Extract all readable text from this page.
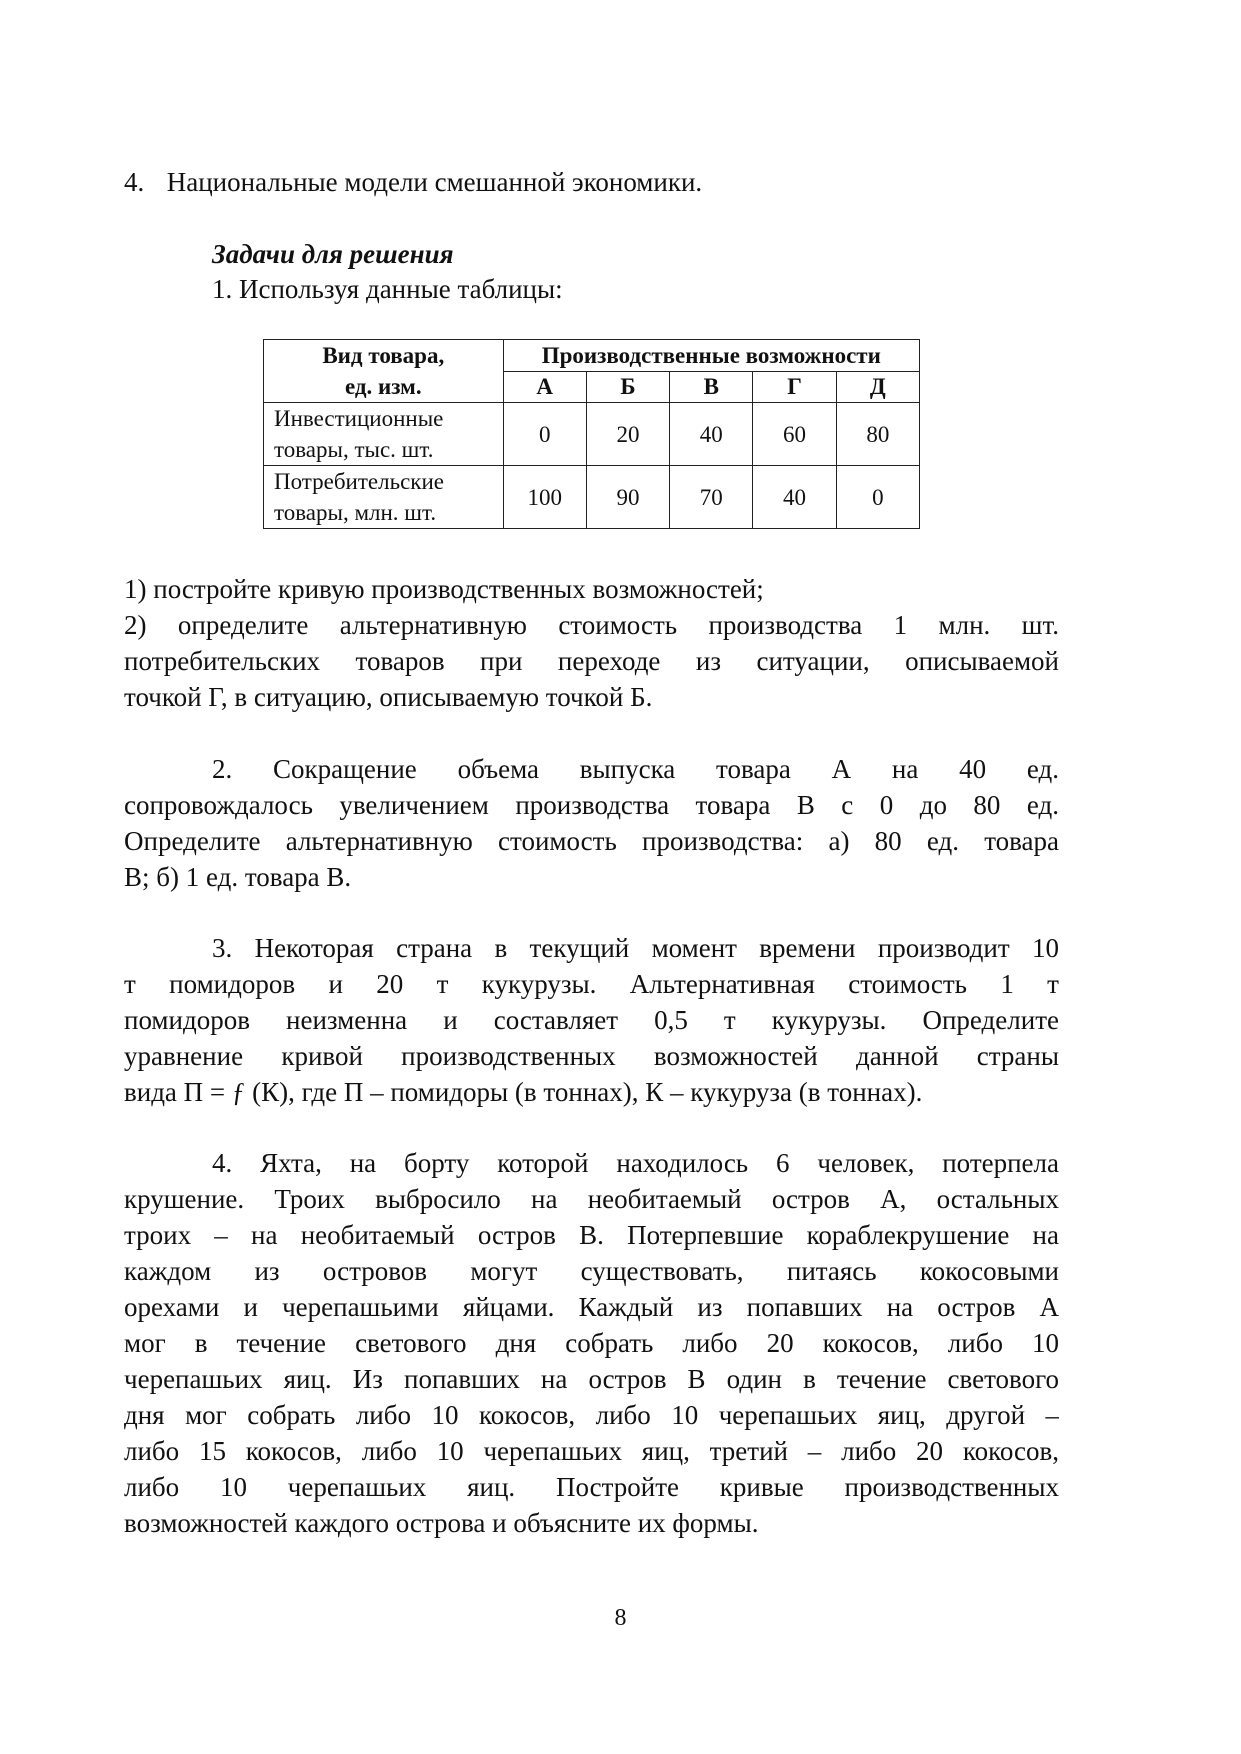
4. Национальные модели смешанной экономики.
Задачи для решения
1. Используя данные таблицы:
Вид товара,
ед. изм.	Производственные возможности				
	А	Б	В	Г	Д
Инвестиционные
товары, тыс. шт.	0	20	40	60	80
Потребительские
товары, млн. шт.	100	90	70	40	0
1) постройте кривую производственных возможностей;
2) определите альтернативную стоимость производства 1 млн. шт.
потребительских товаров при переходе из ситуации, описываемой
точкой Г, в ситуацию, описываемую точкой Б.
2. Сокращение объема выпуска товара А на 40 ед.
сопровождалось увеличением производства товара В с 0 до 80 ед.
Определите альтернативную стоимость производства: а) 80 ед. товара
В; б) 1 ед. товара В.
3. Некоторая страна в текущий момент времени производит 10
т помидоров и 20 т кукурузы. Альтернативная стоимость 1 т
помидоров неизменна и составляет 0,5 т кукурузы. Определите
уравнение кривой производственных возможностей данной страны
вида П = ƒ (К), где П – помидоры (в тоннах), К – кукуруза (в тоннах).
4. Яхта, на борту которой находилось 6 человек, потерпела
крушение. Троих выбросило на необитаемый остров А, остальных
троих – на необитаемый остров В. Потерпевшие кораблекрушение на
каждом из островов могут существовать, питаясь кокосовыми
орехами и черепашьими яйцами. Каждый из попавших на остров А
мог в течение светового дня собрать либо 20 кокосов, либо 10
черепашьих яиц. Из попавших на остров В один в течение светового
дня мог собрать либо 10 кокосов, либо 10 черепашьих яиц, другой –
либо 15 кокосов, либо 10 черепашьих яиц, третий – либо 20 кокосов,
либо 10 черепашьих яиц. Постройте кривые производственных
возможностей каждого острова и объясните их формы.
8
